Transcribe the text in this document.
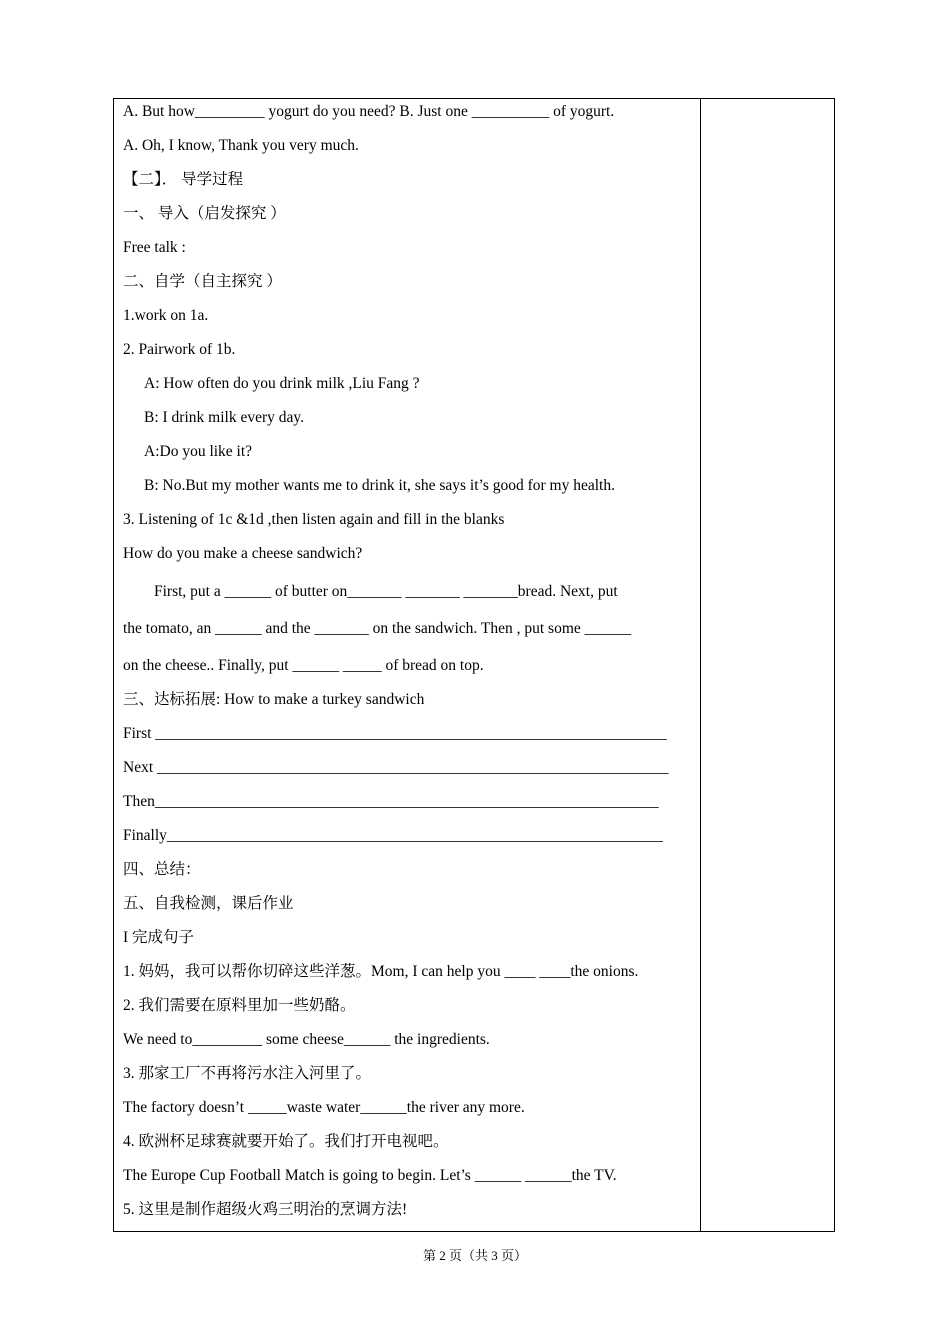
A. But how_________ yogurt do you need? B. Just one __________ of yogurt.
A. Oh, I know, Thank you very much.
【二】． 导学过程
一、 导入（启发探究 ）
Free talk :
二、自学（自主探究 ）
1.work on 1a.
2. Pairwork of 1b.
A: How often do you drink milk ,Liu Fang ?
B: I drink milk every day.
A:Do you like it?
B: No.But my mother wants me to drink it, she says it’s good for my health.
3. Listening of 1c &1d ,then listen again and fill in the blanks
How do you make a cheese sandwich?
First, put a ______ of butter on_______ _______ _______bread. Next, put
the tomato, an ______ and the _______ on the sandwich. Then , put some ______
on the cheese.. Finally, put ______ _____ of bread on top.
三、达标拓展: How to make a turkey sandwich
First __________________________________________________________________
Next __________________________________________________________________
Then_________________________________________________________________
Finally________________________________________________________________
四、总结：
五、自我检测，课后作业
I 完成句子
1. 妈妈，我可以帮你切碎这些洋葱。Mom, I can help you ____ ____the onions.
2. 我们需要在原料里加一些奶酪。
We need to_________ some cheese______ the ingredients.
3. 那家工厂不再将污水注入河里了。
The factory doesn’t _____waste water______the river any more.
4. 欧洲杯足球赛就要开始了。我们打开电视吧。
The Europe Cup Football Match is going to begin. Let’s ______ ______the TV.
5. 这里是制作超级火鸡三明治的烹调方法!
第 2 页（共 3 页）
